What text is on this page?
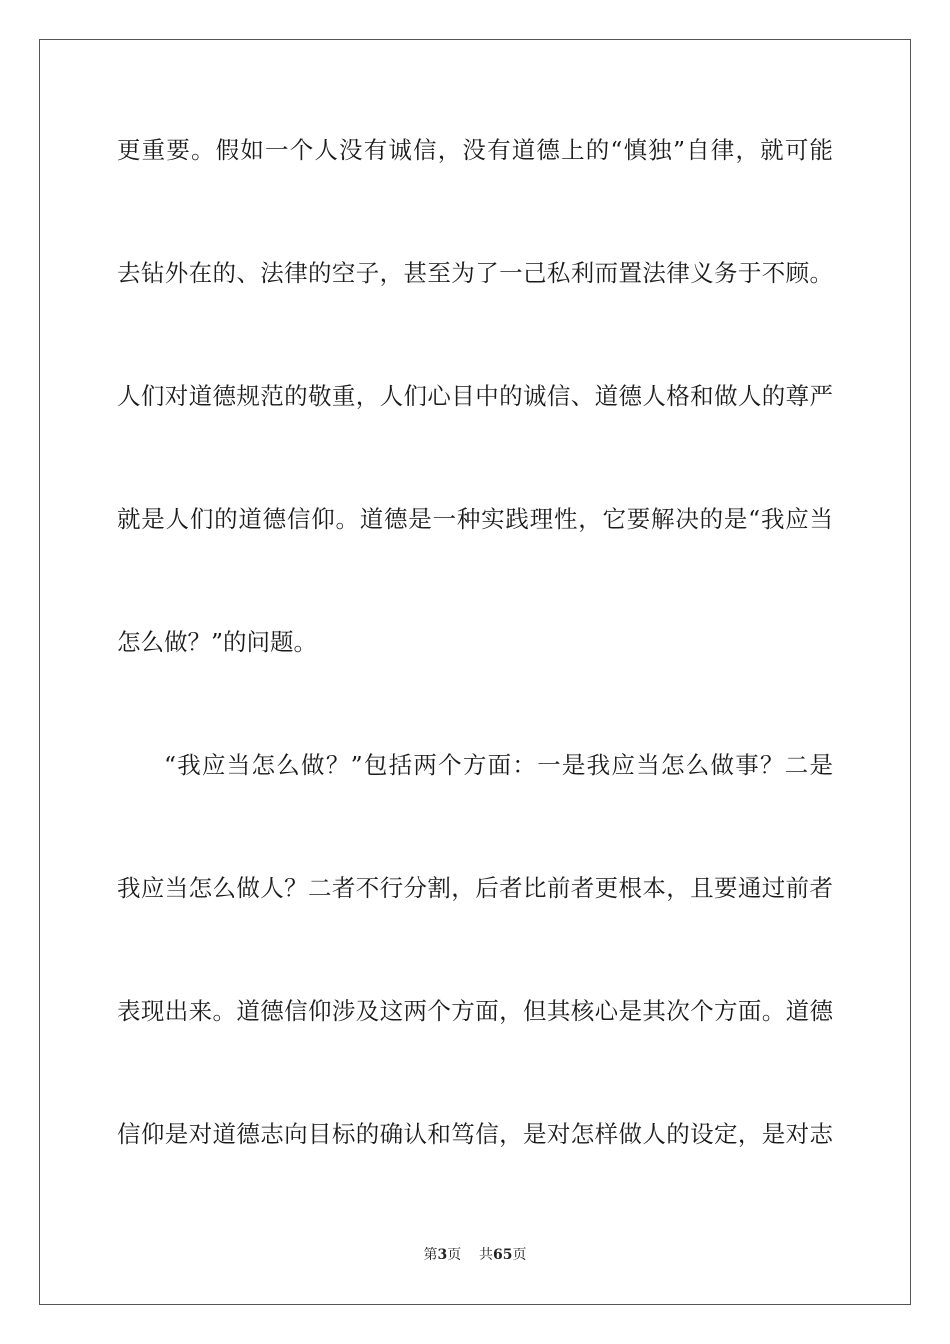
更重要。假如一个人没有诚信，没有道德上的“慎独”自律，就可能
去钻外在的、法律的空子，甚至为了一己私利而置法律义务于不顾。
人们对道德规范的敬重，人们心目中的诚信、道德人格和做人的尊严
就是人们的道德信仰。道德是一种实践理性，它要解决的是“我应当
怎么做？”的问题。
“我应当怎么做？”包括两个方面：一是我应当怎么做事？二是
我应当怎么做人？二者不行分割，后者比前者更根本，且要通过前者
表现出来。道德信仰涉及这两个方面，但其核心是其次个方面。道德
信仰是对道德志向目标的确认和笃信，是对怎样做人的设定，是对志
第3页 共65页
